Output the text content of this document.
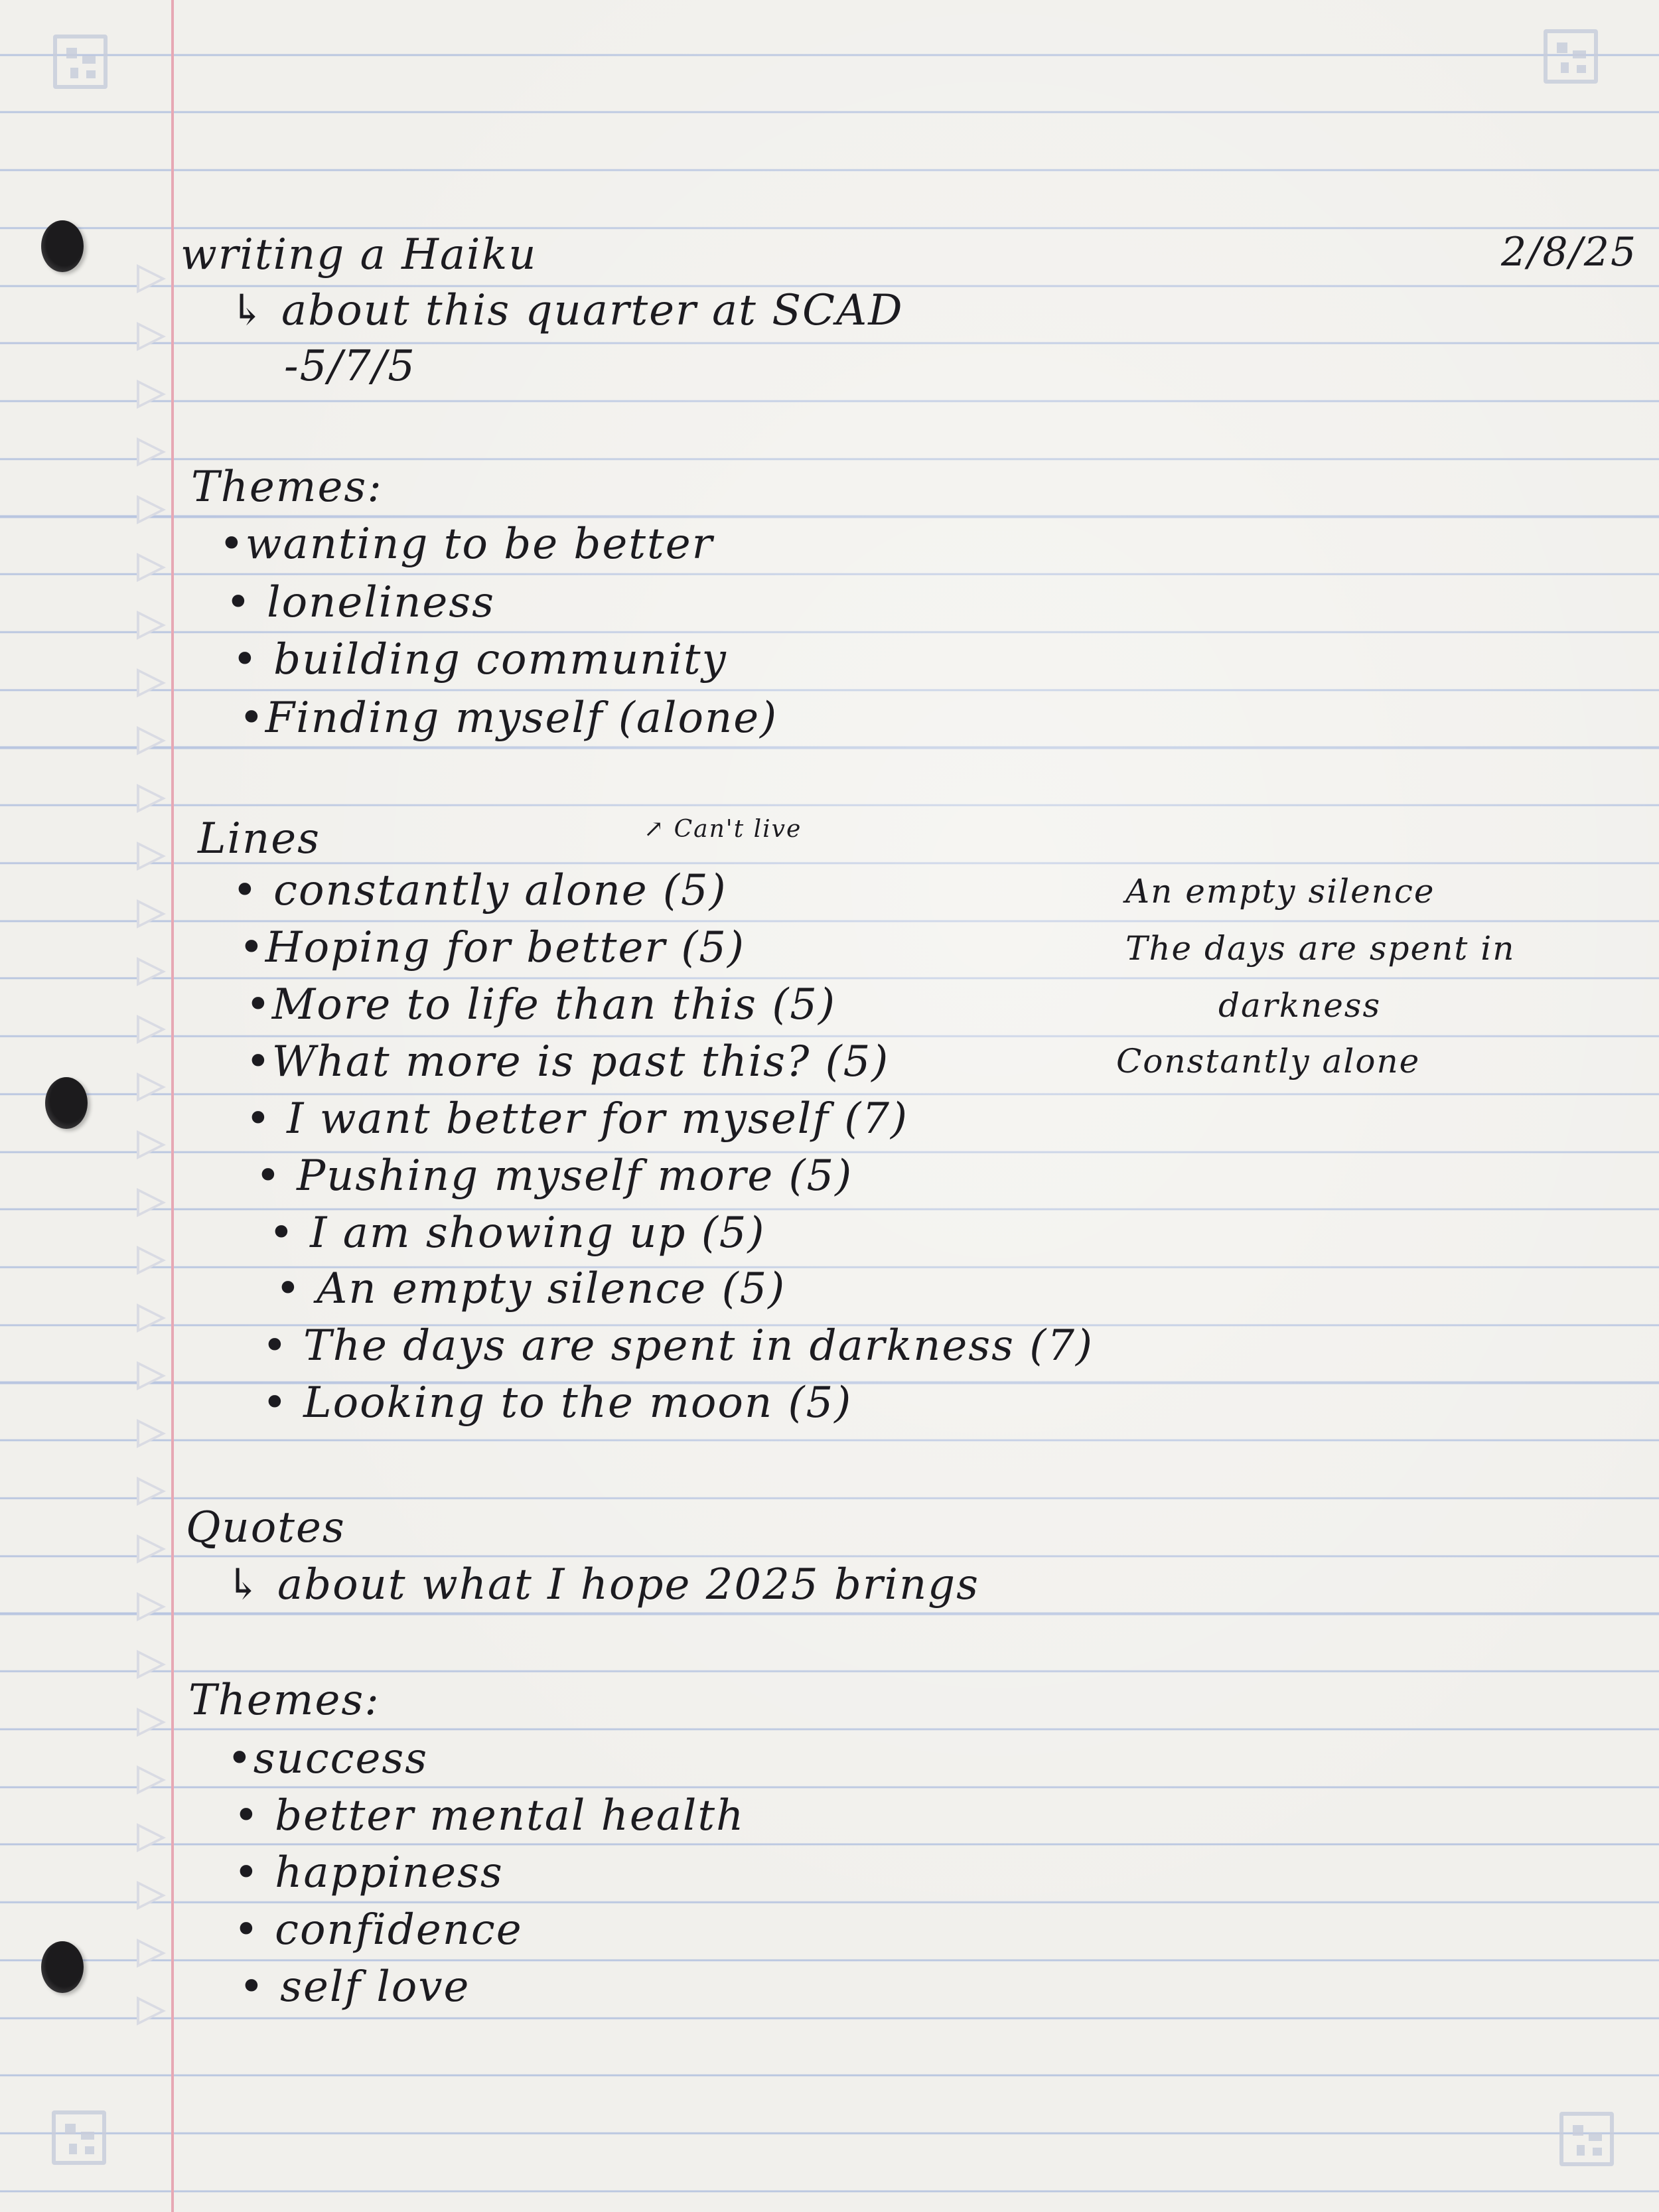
2/8/25

writing a Haiku

↳ about this quarter at SCAD

-5/7/5

Themes:

•wanting to be better

• loneliness

• building community

•Finding myself (alone)

Lines	↗ Can't live

• constantly alone (5)

•Hoping for better (5)

•More to life than this (5)

•What more is past this? (5)

• I want better for myself (7)

• Pushing myself more (5)

• I am showing up (5)

• An empty silence (5)

• The days are spent in darkness (7)

• Looking to the moon (5)

An empty silence

The days are spent in

darkness

Constantly alone

Quotes

↳ about what I hope 2025 brings

Themes:

•success

• better mental health

• happiness

• confidence

• self love
